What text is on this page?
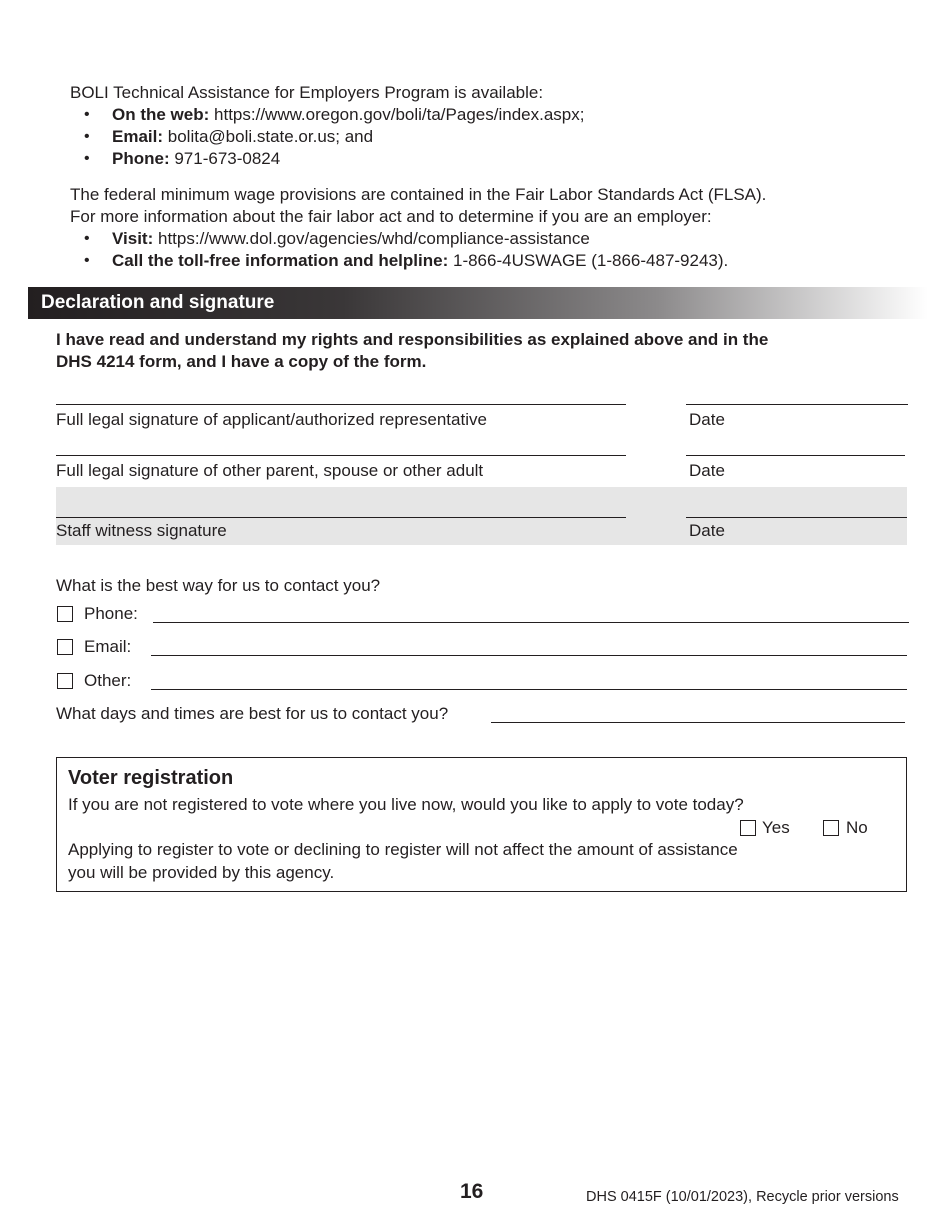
BOLI Technical Assistance for Employers Program is available:
• On the web: https://www.oregon.gov/boli/ta/Pages/index.aspx;
• Email: bolita@boli.state.or.us; and
• Phone: 971-673-0824
The federal minimum wage provisions are contained in the Fair Labor Standards Act (FLSA).
For more information about the fair labor act and to determine if you are an employer:
• Visit: https://www.dol.gov/agencies/whd/compliance-assistance
• Call the toll-free information and helpline: 1-866-4USWAGE (1-866-487-9243).
Declaration and signature
I have read and understand my rights and responsibilities as explained above and in the
DHS 4214 form, and I have a copy of the form.
Full legal signature of applicant/authorized representative	Date
Full legal signature of other parent, spouse or other adult	Date
Staff witness signature	Date
What is the best way for us to contact you?
Phone:
Email:
Other:
What days and times are best for us to contact you?
Voter registration
If you are not registered to vote where you live now, would you like to apply to vote today?
Yes	No
Applying to register to vote or declining to register will not affect the amount of assistance
you will be provided by this agency.
16	DHS 0415F (10/01/2023), Recycle prior versions
